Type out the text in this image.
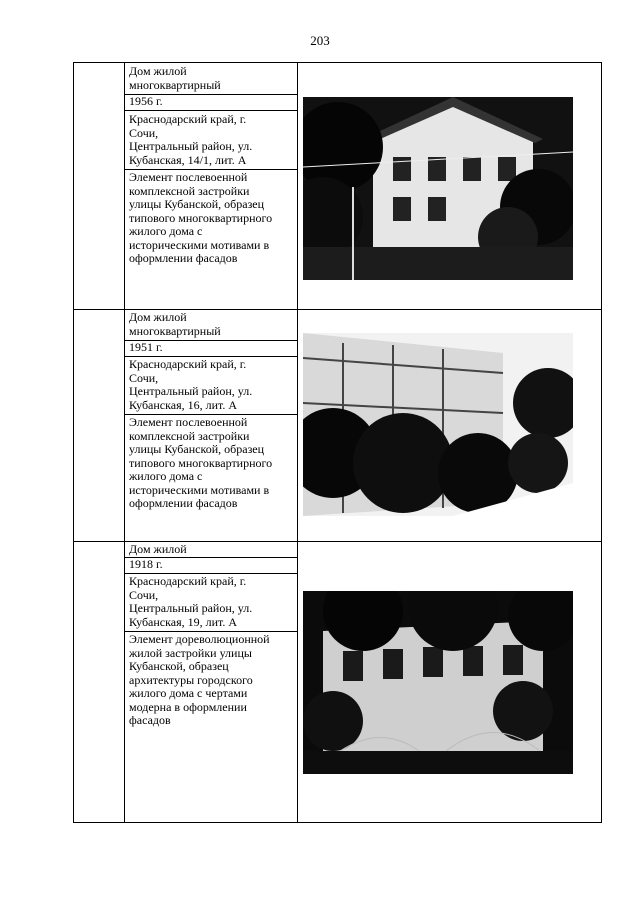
203
Дом жилой
многоквартирный
1956 г.
Краснодарский край, г.
Сочи,
Центральный район, ул.
Кубанская, 14/1, лит. А
Элемент послевоенной
комплексной застройки
улицы Кубанской, образец
типового многоквартирного
жилого дома с
историческими мотивами в
оформлении фасадов
Дом жилой
многоквартирный
1951 г.
Краснодарский край, г.
Сочи,
Центральный район, ул.
Кубанская, 16, лит. А
Элемент послевоенной
комплексной застройки
улицы Кубанской, образец
типового многоквартирного
жилого дома с
историческими мотивами в
оформлении фасадов
Дом жилой
1918 г.
Краснодарский край, г.
Сочи,
Центральный район, ул.
Кубанская, 19, лит. А
Элемент дореволюционной
жилой застройки улицы
Кубанской, образец
архитектуры городского
жилого дома с чертами
модерна в оформлении
фасадов
